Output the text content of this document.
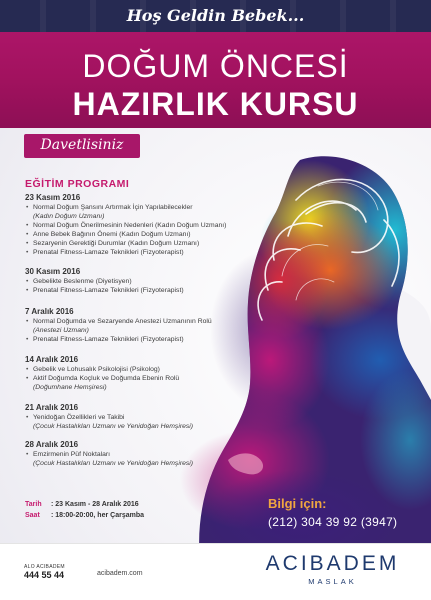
Hoş Geldin Bebek...
DOĞUM ÖNCESİ
HAZIRLIK KURSU
Davetlisiniz
EĞİTİM PROGRAMI
23 Kasım 2016
• Normal Doğum Şansını Artırmak İçin Yapılabilecekler
(Kadın Doğum Uzmanı)
• Normal Doğum Önerilmesinin Nedenleri (Kadın Doğum Uzmanı)
• Anne Bebek Bağının Önemi (Kadın Doğum Uzmanı)
• Sezaryenin Gerektiği Durumlar (Kadın Doğum Uzmanı)
• Prenatal Fitness-Lamaze Teknikleri (Fizyoterapist)
30 Kasım 2016
• Gebelikte Beslenme (Diyetisyen)
• Prenatal Fitness-Lamaze Teknikleri (Fizyoterapist)
7 Aralık 2016
• Normal Doğumda ve Sezaryende Anestezi Uzmanının Rolü
(Anestezi Uzmanı)
• Prenatal Fitness-Lamaze Teknikleri (Fizyoterapist)
14 Aralık 2016
• Gebelik ve Lohusalık Psikolojisi (Psikolog)
• Aktif Doğumda Koçluk ve Doğumda Ebenin Rolü
(Doğumhane Hemşiresi)
21 Aralık 2016
• Yenidoğan Özellikleri ve Takibi
(Çocuk Hastalıkları Uzmanı ve Yenidoğan Hemşiresi)
28 Aralık 2016
• Emzirmenin Püf Noktaları
(Çocuk Hastalıkları Uzmanı ve Yenidoğan Hemşiresi)
Tarih : 23 Kasım - 28 Aralık 2016
Saat : 18:00-20:00, her Çarşamba
Bilgi için:
(212) 304 39 92 (3947)
ALO ACIBADEM
444 55 44	acibadem.com	ACIBADEM
MASLAK
